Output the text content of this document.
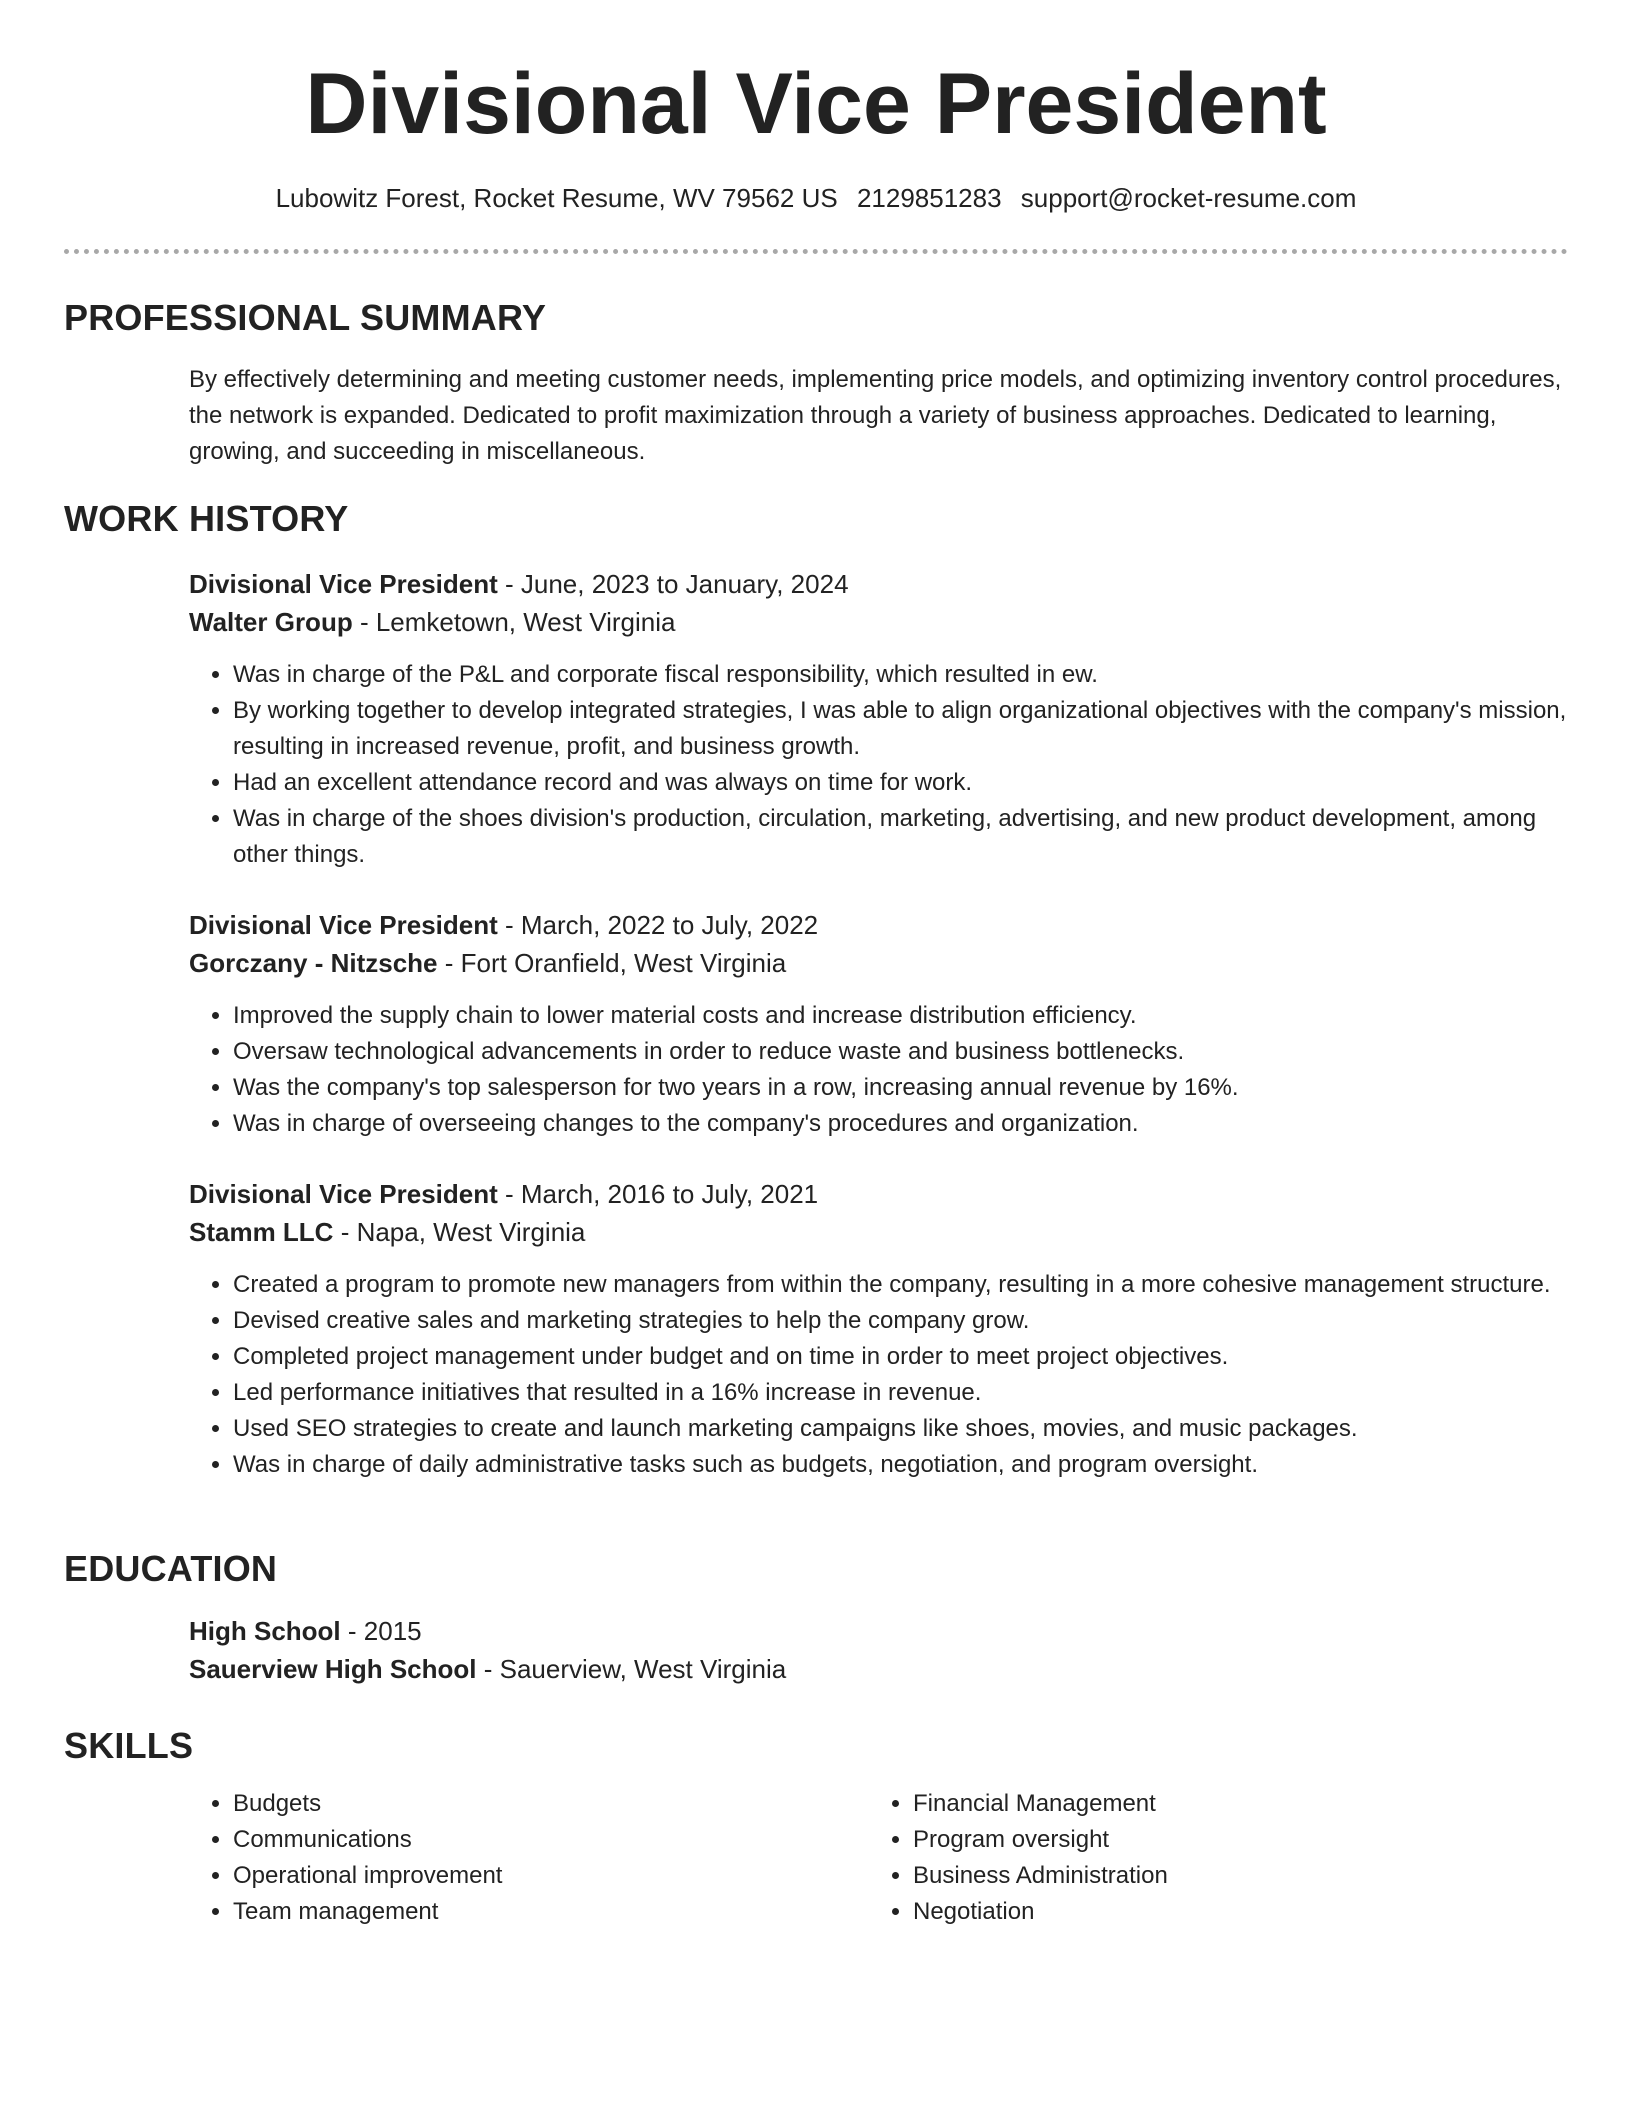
Divisional Vice President
Lubowitz Forest, Rocket Resume, WV 79562 US 2129851283 support@rocket-resume.com
PROFESSIONAL SUMMARY

By effectively determining and meeting customer needs, implementing price models, and optimizing inventory control procedures, the network is expanded. Dedicated to profit maximization through a variety of business approaches. Dedicated to learning, growing, and succeeding in miscellaneous.

WORK HISTORY
Divisional Vice President - June, 2023 to January, 2024
Walter Group - Lemketown, West Virginia
• Was in charge of the P&L and corporate fiscal responsibility, which resulted in ew.
• By working together to develop integrated strategies, I was able to align organizational objectives with the company's mission, resulting in increased revenue, profit, and business growth.
• Had an excellent attendance record and was always on time for work.
• Was in charge of the shoes division's production, circulation, marketing, advertising, and new product development, among other things.
Divisional Vice President - March, 2022 to July, 2022
Gorczany - Nitzsche - Fort Oranfield, West Virginia
• Improved the supply chain to lower material costs and increase distribution efficiency.
• Oversaw technological advancements in order to reduce waste and business bottlenecks.
• Was the company's top salesperson for two years in a row, increasing annual revenue by 16%.
• Was in charge of overseeing changes to the company's procedures and organization.
Divisional Vice President - March, 2016 to July, 2021
Stamm LLC - Napa, West Virginia
• Created a program to promote new managers from within the company, resulting in a more cohesive management structure.
• Devised creative sales and marketing strategies to help the company grow.
• Completed project management under budget and on time in order to meet project objectives.
• Led performance initiatives that resulted in a 16% increase in revenue.
• Used SEO strategies to create and launch marketing campaigns like shoes, movies, and music packages.
• Was in charge of daily administrative tasks such as budgets, negotiation, and program oversight.
EDUCATION
High School - 2015
Sauerview High School - Sauerview, West Virginia
SKILLS
• Budgets
• Communications
• Operational improvement
• Team management
• Financial Management
• Program oversight
• Business Administration
• Negotiation
